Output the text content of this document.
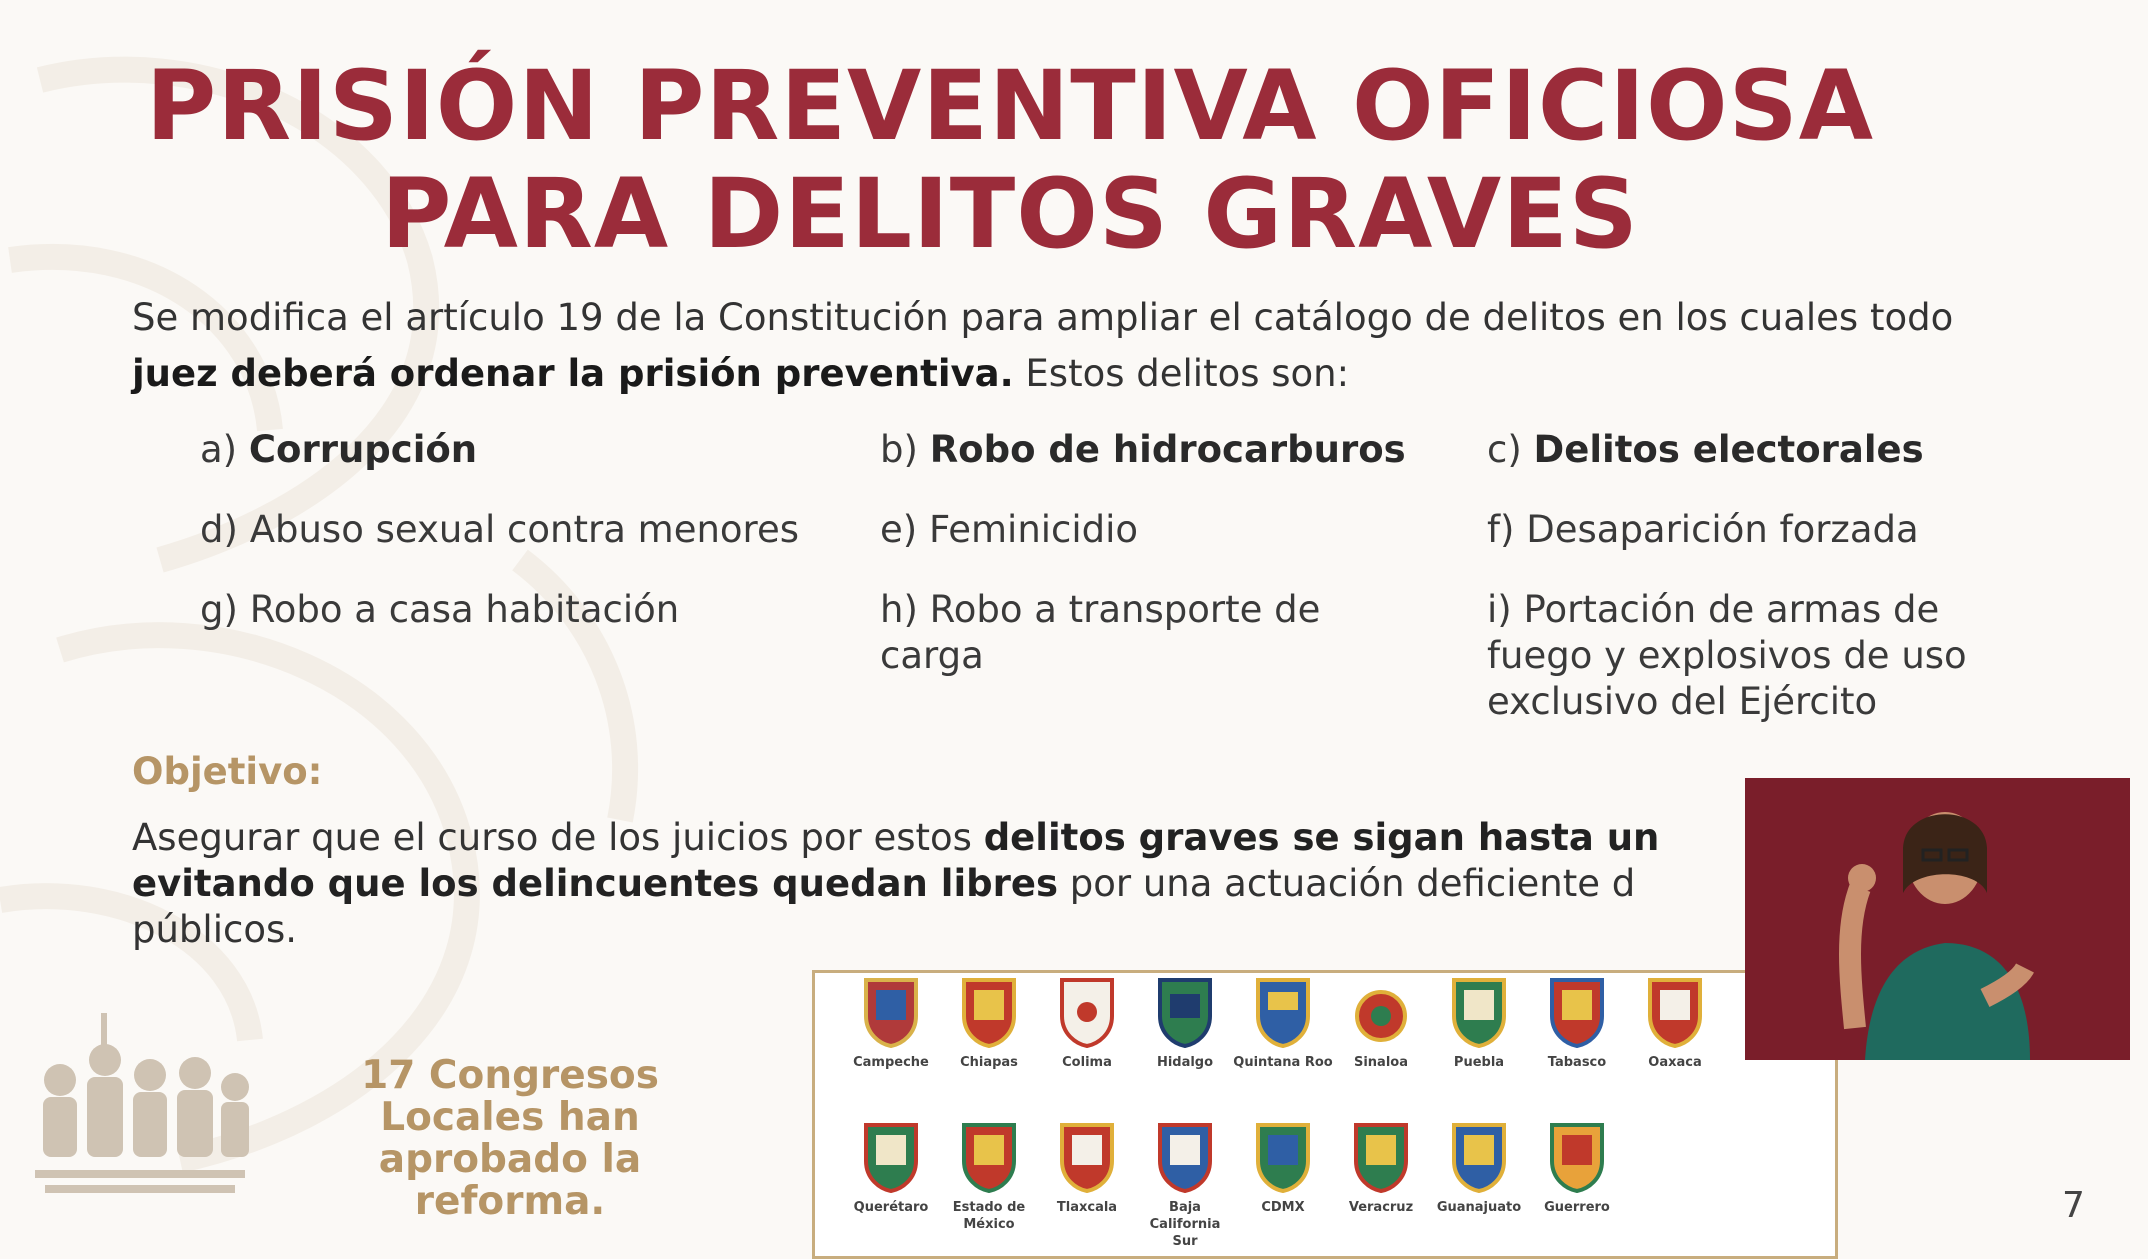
PRISIÓN PREVENTIVA OFICIOSA
PARA DELITOS GRAVES
Se modifica el artículo 19 de la Constitución para ampliar el catálogo de delitos en los cuales todo
juez deberá ordenar la prisión preventiva. Estos delitos son:
a) Corrupción	b) Robo de hidrocarburos c) Delitos electorales
d) Abuso sexual contra menores e) Feminicidio	f) Desaparición forzada
g) Robo a casa habitación	h) Robo a transporte de carga
i) Portación de armas de fuego y explosivos de uso exclusivo del Ejército
Objetivo:
Asegurar que el curso de los juicios por estos delitos graves se sigan hasta un
evitando que los delincuentes quedan libres por una actuación deficiente d
públicos.
17 Congresos Locales han aprobado la reforma.
Campeche	Chiapas	Colima	Hidalgo	Quintana Roo	Sinaloa	Puebla	Tabasco	Oaxaca
Querétaro	Estado de México
Tlaxcala	Baja California Sur
CDMX	Veracruz	Guanajuato	Guerrero	7
